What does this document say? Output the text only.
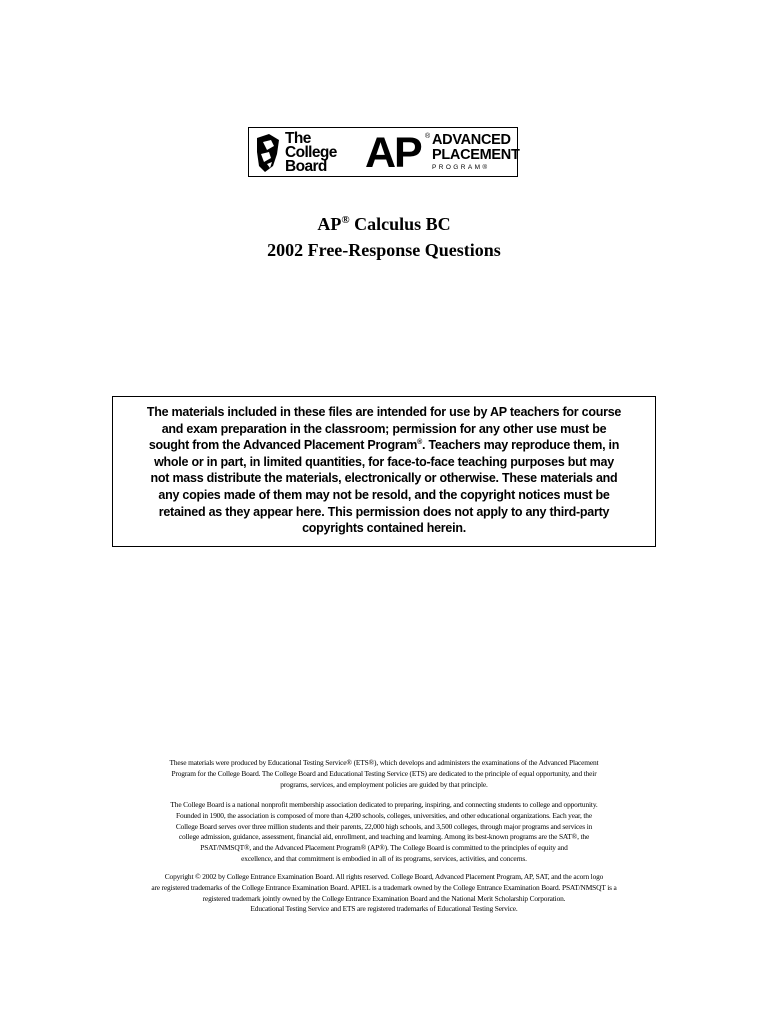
The
College
Board AP ® ADVANCED
PLACEMENT
PROGRAM®
AP® Calculus BC
2002 Free-Response Questions
The materials included in these files are intended for use by AP teachers for course
and exam preparation in the classroom; permission for any other use must be
sought from the Advanced Placement Program®. Teachers may reproduce them, in
whole or in part, in limited quantities, for face-to-face teaching purposes but may
not mass distribute the materials, electronically or otherwise. These materials and
any copies made of them may not be resold, and the copyright notices must be
retained as they appear here. This permission does not apply to any third-party
copyrights contained herein.
These materials were produced by Educational Testing Service® (ETS®), which develops and administers the examinations of the Advanced Placement
Program for the College Board. The College Board and Educational Testing Service (ETS) are dedicated to the principle of equal opportunity, and their
programs, services, and employment policies are guided by that principle.
The College Board is a national nonprofit membership association dedicated to preparing, inspiring, and connecting students to college and opportunity.
Founded in 1900, the association is composed of more than 4,200 schools, colleges, universities, and other educational organizations. Each year, the
College Board serves over three million students and their parents, 22,000 high schools, and 3,500 colleges, through major programs and services in
college admission, guidance, assessment, financial aid, enrollment, and teaching and learning. Among its best-known programs are the SAT®, the
PSAT/NMSQT®, and the Advanced Placement Program® (AP®). The College Board is committed to the principles of equity and
excellence, and that commitment is embodied in all of its programs, services, activities, and concerns.
Copyright © 2002 by College Entrance Examination Board. All rights reserved. College Board, Advanced Placement Program, AP, SAT, and the acorn logo
are registered trademarks of the College Entrance Examination Board. APIEL is a trademark owned by the College Entrance Examination Board. PSAT/NMSQT is a
registered trademark jointly owned by the College Entrance Examination Board and the National Merit Scholarship Corporation.
Educational Testing Service and ETS are registered trademarks of Educational Testing Service.
